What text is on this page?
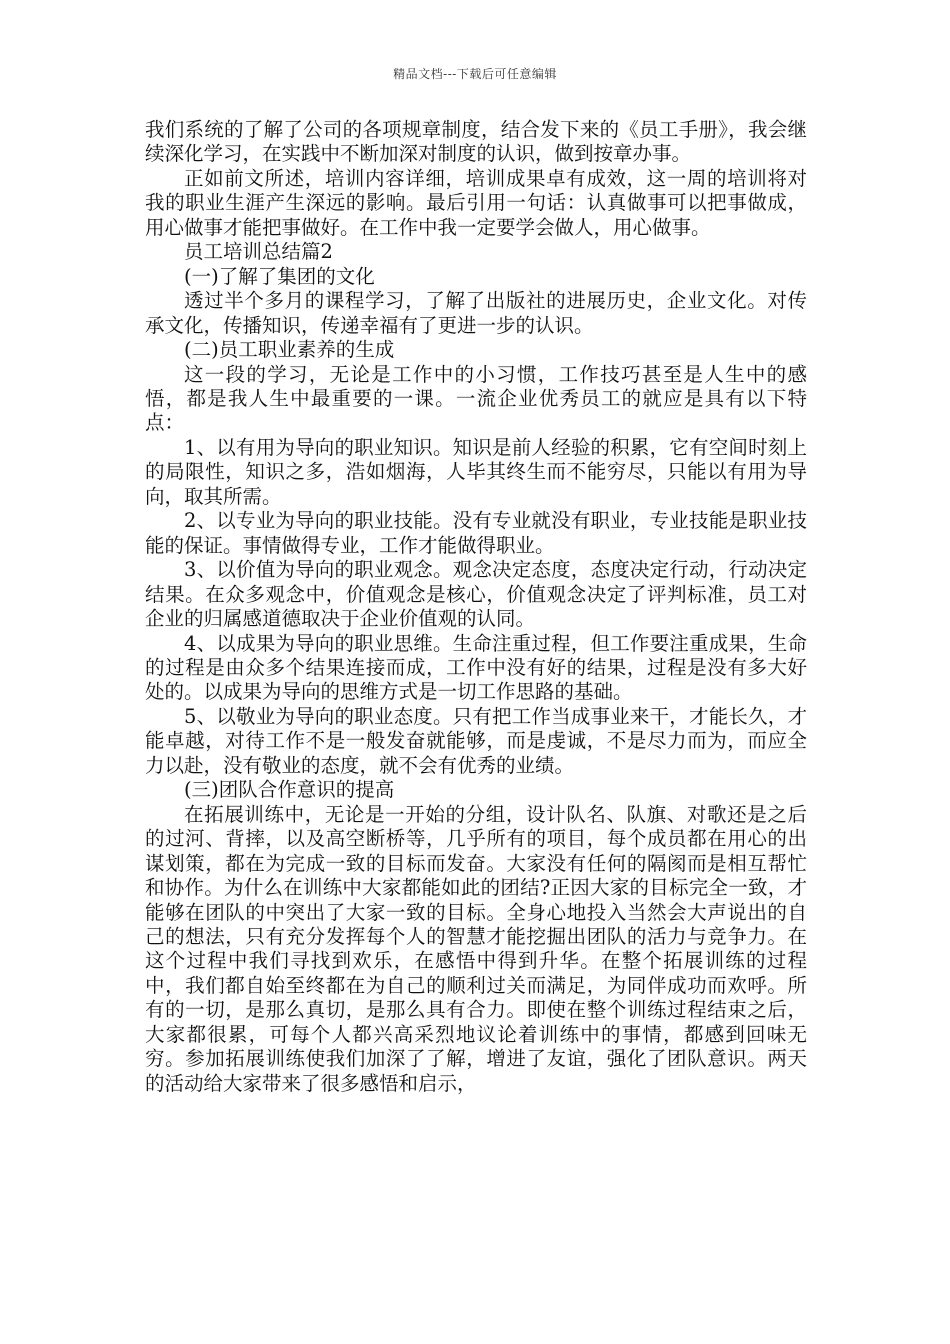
精品文档---下载后可任意编辑

我们系统的了解了公司的各项规章制度，结合发下来的《员工手册》，我会继续深化学习，在实践中不断加深对制度的认识，做到按章办事。

正如前文所述，培训内容详细，培训成果卓有成效，这一周的培训将对我的职业生涯产生深远的影响。最后引用一句话：认真做事可以把事做成，用心做事才能把事做好。在工作中我一定要学会做人，用心做事。

员工培训总结篇2

(一)了解了集团的文化

透过半个多月的课程学习，了解了出版社的进展历史，企业文化。对传承文化，传播知识，传递幸福有了更进一步的认识。

(二)员工职业素养的生成

这一段的学习，无论是工作中的小习惯，工作技巧甚至是人生中的感悟，都是我人生中最重要的一课。一流企业优秀员工的就应是具有以下特点：

1、以有用为导向的职业知识。知识是前人经验的积累，它有空间时刻上的局限性，知识之多，浩如烟海，人毕其终生而不能穷尽，只能以有用为导向，取其所需。

2、以专业为导向的职业技能。没有专业就没有职业，专业技能是职业技能的保证。事情做得专业，工作才能做得职业。

3、以价值为导向的职业观念。观念决定态度，态度决定行动，行动决定结果。在众多观念中，价值观念是核心，价值观念决定了评判标准，员工对企业的归属感道德取决于企业价值观的认同。

4、以成果为导向的职业思维。生命注重过程，但工作要注重成果，生命的过程是由众多个结果连接而成，工作中没有好的结果，过程是没有多大好处的。以成果为导向的思维方式是一切工作思路的基础。

5、以敬业为导向的职业态度。只有把工作当成事业来干，才能长久，才能卓越，对待工作不是一般发奋就能够，而是虔诚，不是尽力而为，而应全力以赴，没有敬业的态度，就不会有优秀的业绩。

(三)团队合作意识的提高

在拓展训练中，无论是一开始的分组，设计队名、队旗、对歌还是之后的过河、背摔，以及高空断桥等，几乎所有的项目，每个成员都在用心的出谋划策，都在为完成一致的目标而发奋。大家没有任何的隔阂而是相互帮忙和协作。为什么在训练中大家都能如此的团结?正因大家的目标完全一致，才能够在团队的中突出了大家一致的目标。全身心地投入当然会大声说出的自己的想法，只有充分发挥每个人的智慧才能挖掘出团队的活力与竞争力。在这个过程中我们寻找到欢乐，在感悟中得到升华。在整个拓展训练的过程中，我们都自始至终都在为自己的顺利过关而满足，为同伴成功而欢呼。所有的一切，是那么真切，是那么具有合力。即使在整个训练过程结束之后，大家都很累，可每个人都兴高采烈地议论着训练中的事情，都感到回味无穷。参加拓展训练使我们加深了了解，增进了友谊，强化了团队意识。两天的活动给大家带来了很多感悟和启示，
